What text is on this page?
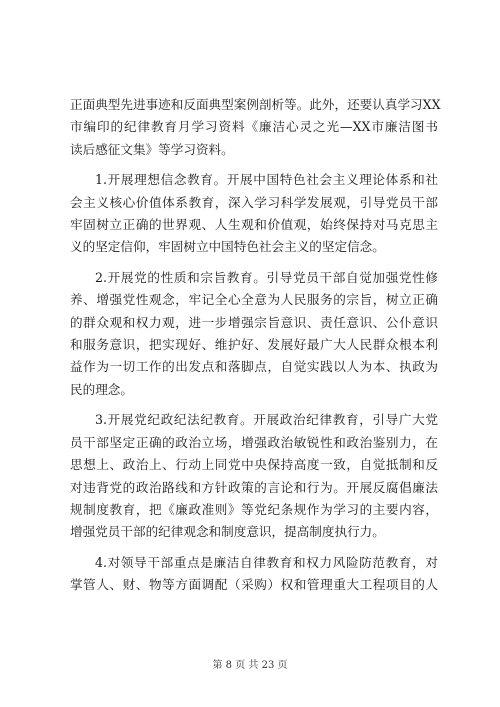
正面典型先进事迹和反面典型案例剖析等。此外，还要认真学习XX
市编印的纪律教育月学习资料《廉洁心灵之光—XX市廉洁图书
读后感征文集》等学习资料。

1.开展理想信念教育。开展中国特色社会主义理论体系和社
会主义核心价值体系教育，深入学习科学发展观，引导党员干部
牢固树立正确的世界观、人生观和价值观，始终保持对马克思主
义的坚定信仰，牢固树立中国特色社会主义的坚定信念。

2.开展党的性质和宗旨教育。引导党员干部自觉加强党性修
养、增强党性观念，牢记全心全意为人民服务的宗旨，树立正确
的群众观和权力观，进一步增强宗旨意识、责任意识、公仆意识
和服务意识，把实现好、维护好、发展好最广大人民群众根本利
益作为一切工作的出发点和落脚点，自觉实践以人为本、执政为
民的理念。

3.开展党纪政纪法纪教育。开展政治纪律教育，引导广大党
员干部坚定正确的政治立场，增强政治敏锐性和政治鉴别力，在
思想上、政治上、行动上同党中央保持高度一致，自觉抵制和反
对违背党的政治路线和方针政策的言论和行为。开展反腐倡廉法
规制度教育，把《廉政准则》等党纪条规作为学习的主要内容，
增强党员干部的纪律观念和制度意识，提高制度执行力。

4.对领导干部重点是廉洁自律教育和权力风险防范教育，对
掌管人、财、物等方面调配（采购）权和管理重大工程项目的人

第 8 页 共 23 页
